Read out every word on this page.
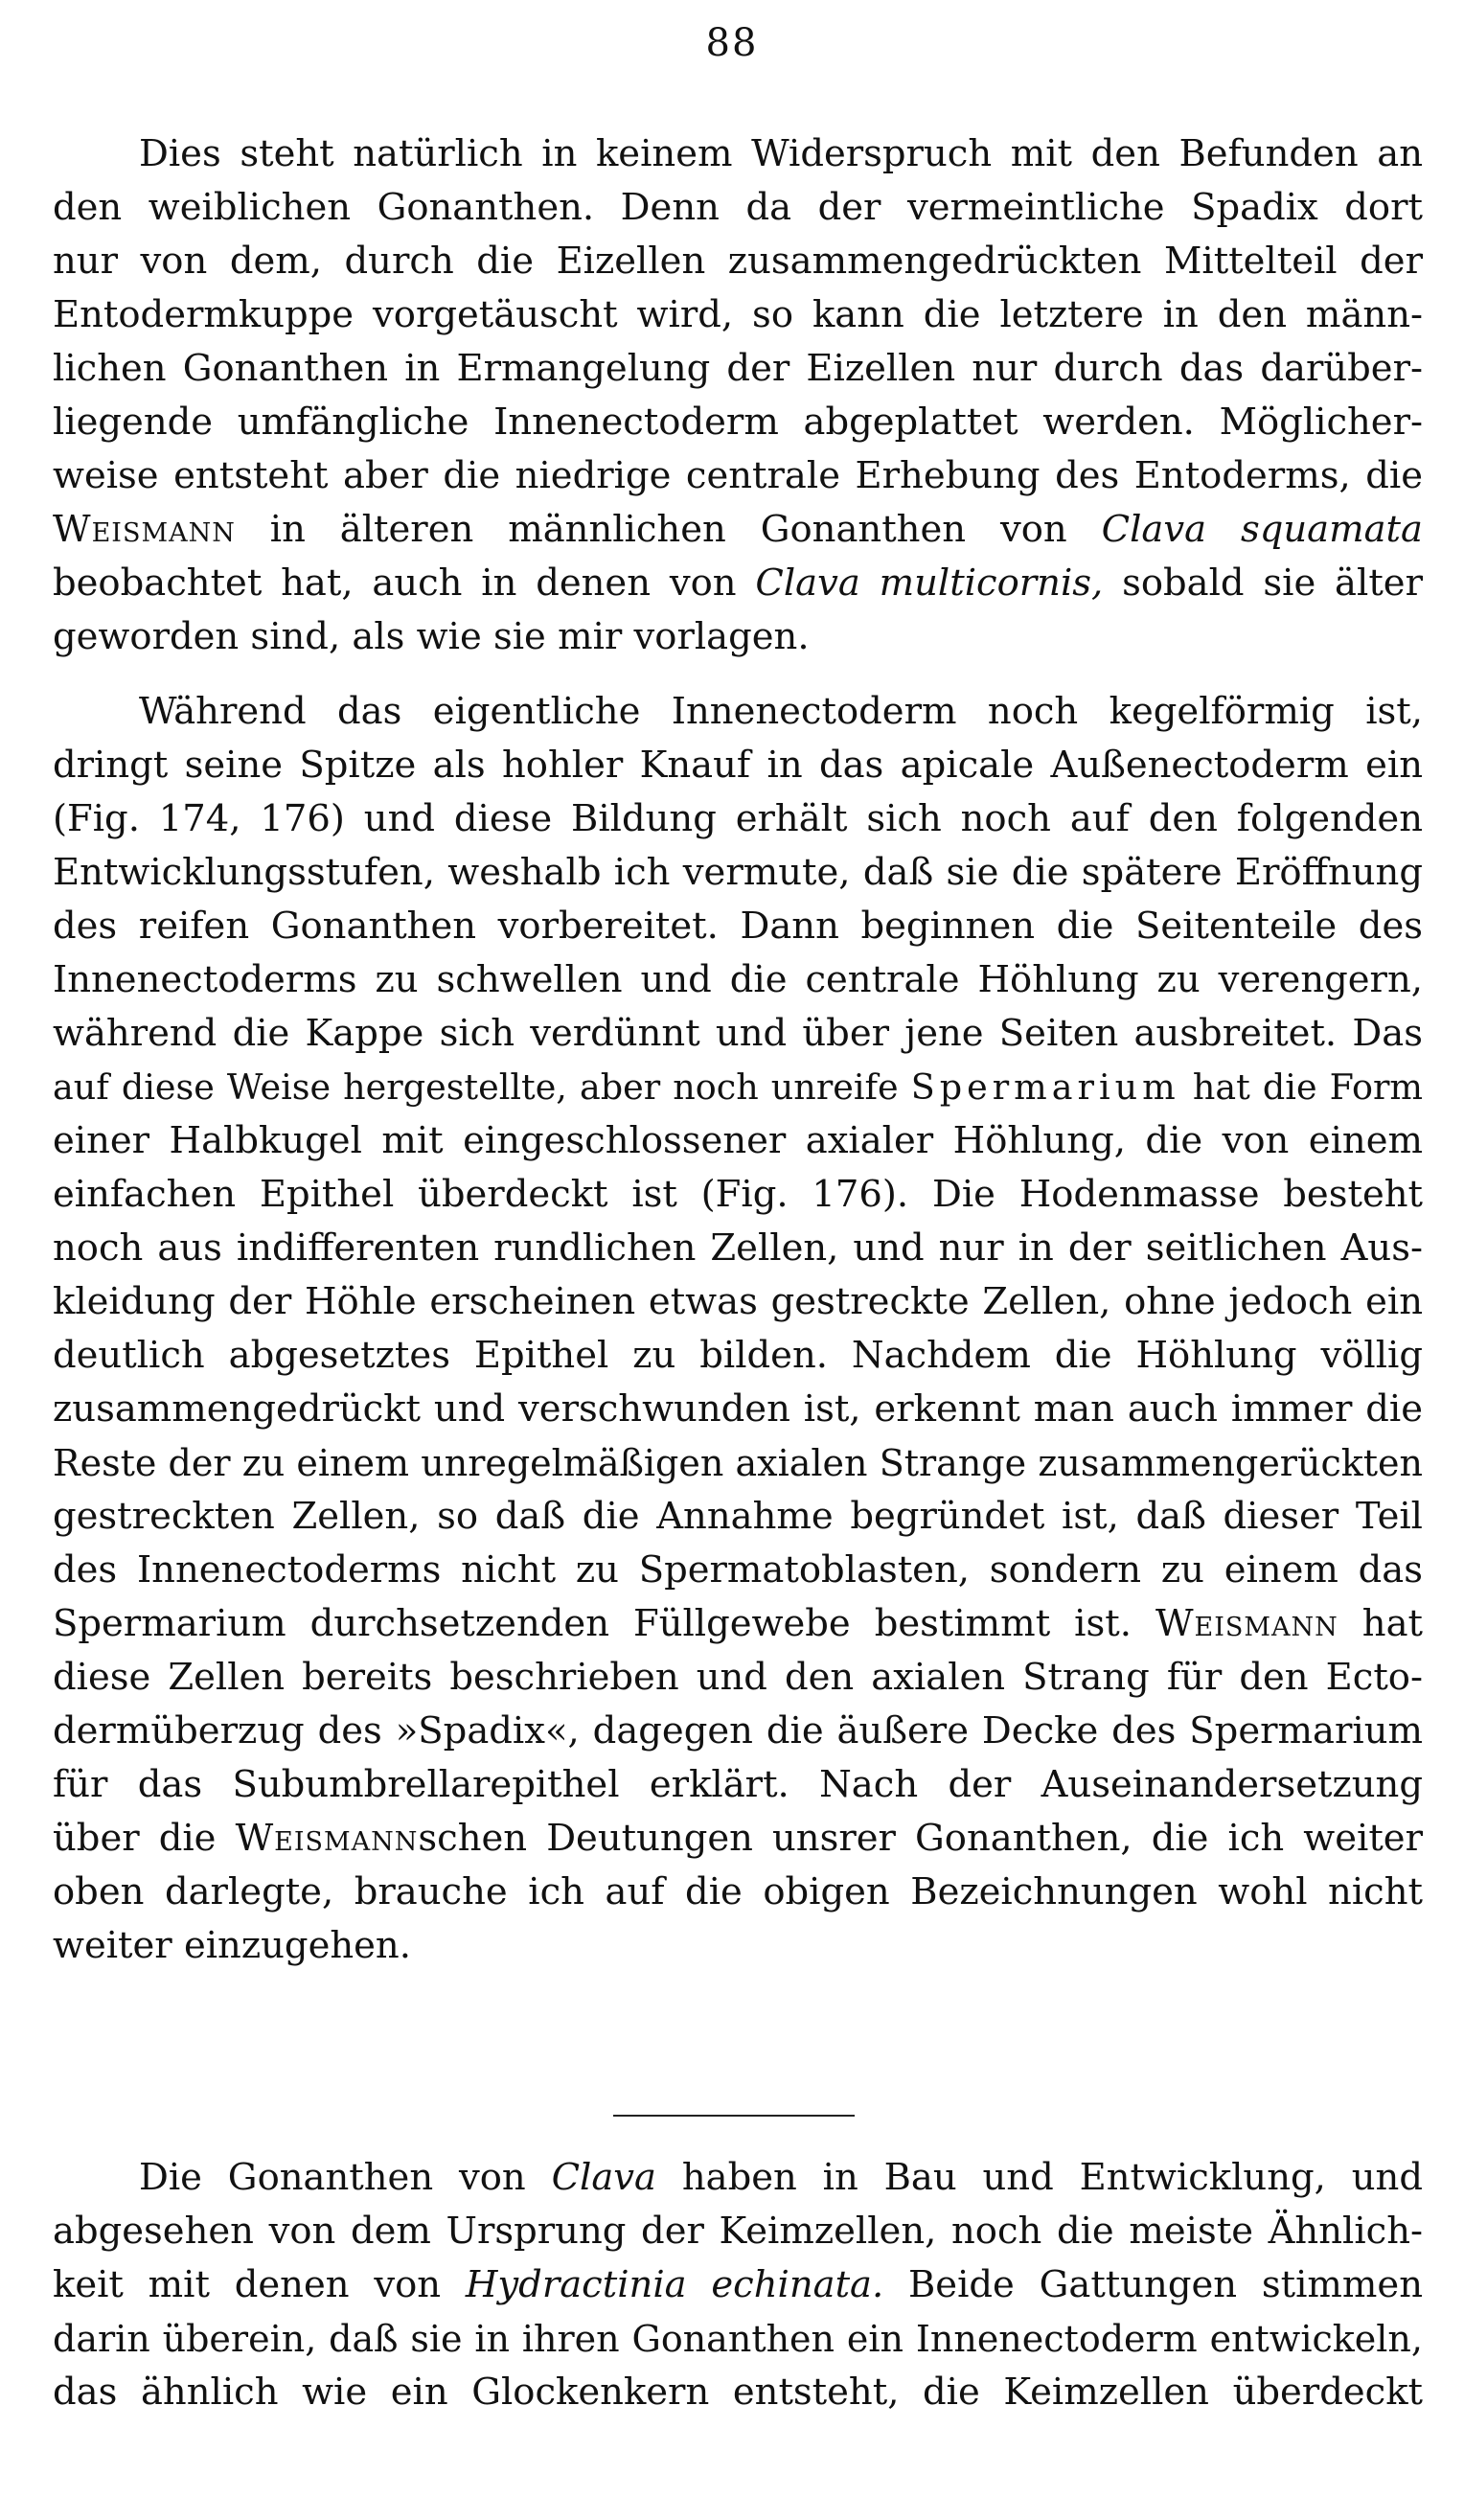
88
Dies steht natürlich in keinem Widerspruch mit den Befunden an
den weiblichen Gonanthen. Denn da der vermeintliche Spadix dort
nur von dem, durch die Eizellen zusammengedrückten Mittelteil der
Entodermkuppe vorgetäuscht wird, so kann die letztere in den männ-
lichen Gonanthen in Ermangelung der Eizellen nur durch das darüber-
liegende umfängliche Innenectoderm abgeplattet werden. Möglicher-
weise entsteht aber die niedrige centrale Erhebung des Entoderms, die
Weismann in älteren männlichen Gonanthen von Clava squamata
beobachtet hat, auch in denen von Clava multicornis, sobald sie älter
geworden sind, als wie sie mir vorlagen.
Während das eigentliche Innenectoderm noch kegelförmig ist,
dringt seine Spitze als hohler Knauf in das apicale Außenectoderm ein
(Fig. 174, 176) und diese Bildung erhält sich noch auf den folgenden
Entwicklungsstufen, weshalb ich vermute, daß sie die spätere Eröffnung
des reifen Gonanthen vorbereitet. Dann beginnen die Seitenteile des
Innenectoderms zu schwellen und die centrale Höhlung zu verengern,
während die Kappe sich verdünnt und über jene Seiten ausbreitet. Das
auf diese Weise hergestellte, aber noch unreife Spermarium hat die Form
einer Halbkugel mit eingeschlossener axialer Höhlung, die von einem
einfachen Epithel überdeckt ist (Fig. 176). Die Hodenmasse besteht
noch aus indifferenten rundlichen Zellen, und nur in der seitlichen Aus-
kleidung der Höhle erscheinen etwas gestreckte Zellen, ohne jedoch ein
deutlich abgesetztes Epithel zu bilden. Nachdem die Höhlung völlig
zusammengedrückt und verschwunden ist, erkennt man auch immer die
Reste der zu einem unregelmäßigen axialen Strange zusammengerückten
gestreckten Zellen, so daß die Annahme begründet ist, daß dieser Teil
des Innenectoderms nicht zu Spermatoblasten, sondern zu einem das
Spermarium durchsetzenden Füllgewebe bestimmt ist. Weismann hat
diese Zellen bereits beschrieben und den axialen Strang für den Ecto-
dermüberzug des »Spadix«, dagegen die äußere Decke des Spermarium
für das Subumbrellarepithel erklärt. Nach der Auseinandersetzung
über die Weismannschen Deutungen unsrer Gonanthen, die ich weiter
oben darlegte, brauche ich auf die obigen Bezeichnungen wohl nicht
weiter einzugehen.
Die Gonanthen von Clava haben in Bau und Entwicklung, und
abgesehen von dem Ursprung der Keimzellen, noch die meiste Ähnlich-
keit mit denen von Hydractinia echinata. Beide Gattungen stimmen
darin überein, daß sie in ihren Gonanthen ein Innenectoderm entwickeln,
das ähnlich wie ein Glockenkern entsteht, die Keimzellen überdeckt
